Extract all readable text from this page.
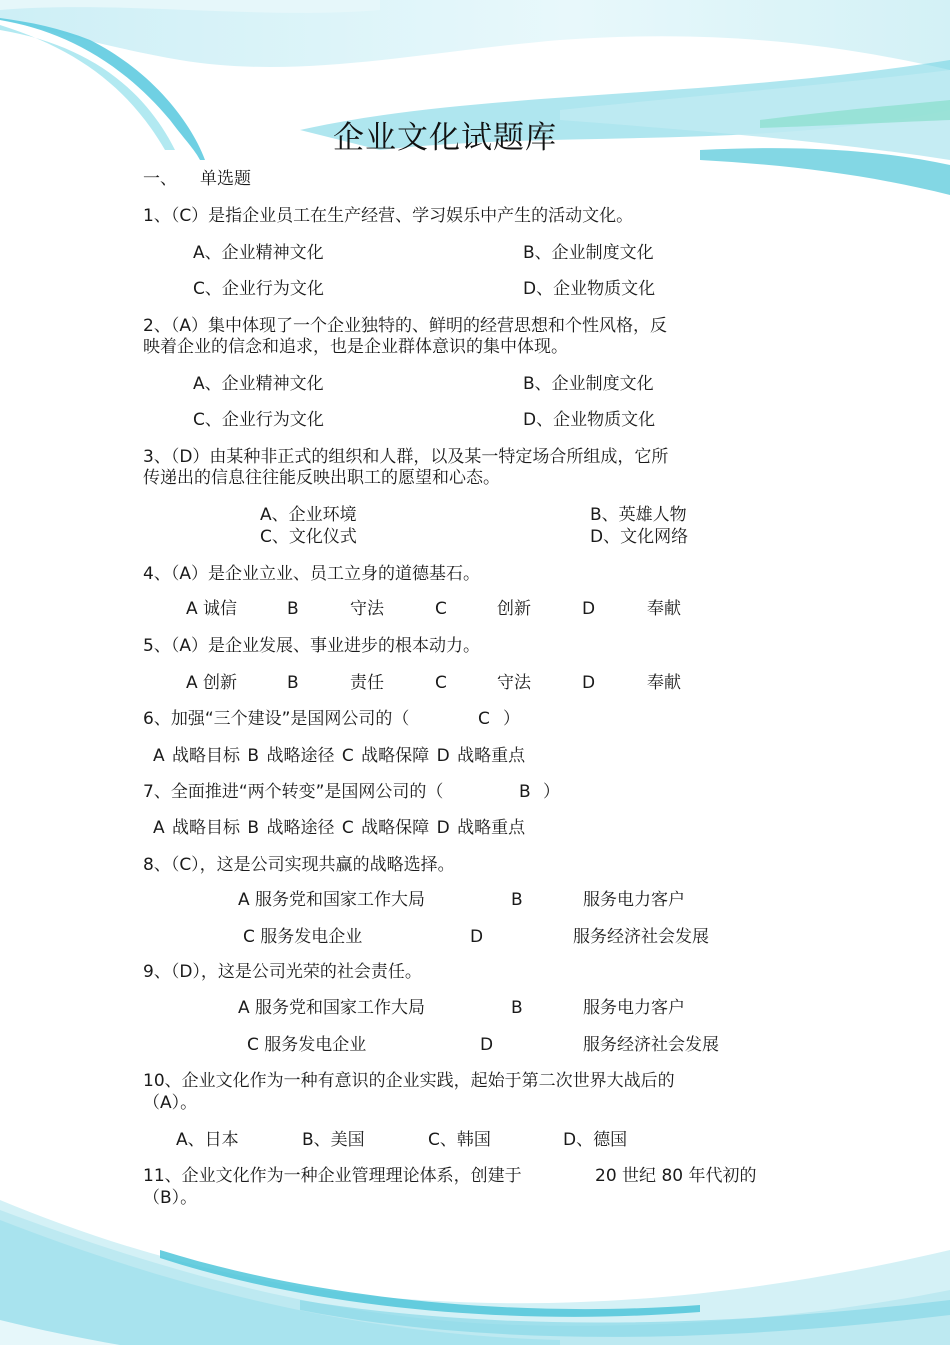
企业文化试题库
一、 单选题
1、（C）是指企业员工在生产经营、学习娱乐中产生的活动文化。
A、企业精神文化	B、企业制度文化
C、企业行为文化	D、企业物质文化
2、（A）集中体现了一个企业独特的、鲜明的经营思想和个性风格，反
映着企业的信念和追求，也是企业群体意识的集中体现。
A、企业精神文化	B、企业制度文化
C、企业行为文化	D、企业物质文化
3、（D）由某种非正式的组织和人群，以及某一特定场合所组成，它所
传递出的信息往往能反映出职工的愿望和心态。
A、企业环境	B、英雄人物
C、文化仪式	D、文化网络
4、（A）是企业立业、员工立身的道德基石。
A 诚信	B	守法	C	创新	D	奉献
5、（A）是企业发展、事业进步的根本动力。
A 创新	B	责任	C	守法	D	奉献
6、加强“三个建设”是国网公司的（	C ）
A 战略目标 B 战略途径 C 战略保障 D 战略重点
7、全面推进“两个转变”是国网公司的（	B ）
A 战略目标 B 战略途径 C 战略保障 D 战略重点
8、（C），这是公司实现共赢的战略选择。
A 服务党和国家工作大局	B	服务电力客户
C 服务发电企业	D	服务经济社会发展
9、（D），这是公司光荣的社会责任。
A 服务党和国家工作大局	B	服务电力客户
C 服务发电企业	D	服务经济社会发展
10、企业文化作为一种有意识的企业实践，起始于第二次世界大战后的
（A）。
A、日本	B、美国	C、韩国	D、德国
11、企业文化作为一种企业管理理论体系，创建于	20 世纪 80 年代初的
（B）。
